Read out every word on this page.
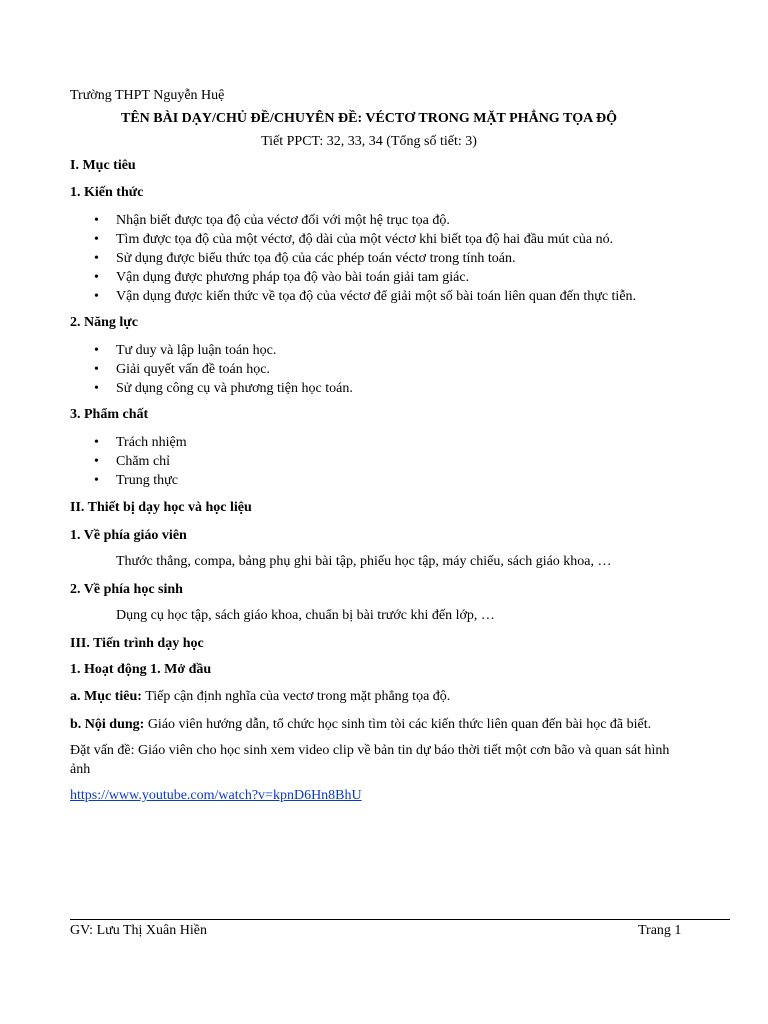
Trường THPT Nguyễn Huệ
TÊN BÀI DẠY/CHỦ ĐỀ/CHUYÊN ĐỀ: VÉCTƠ TRONG MẶT PHẲNG TỌA ĐỘ
Tiết PPCT: 32, 33, 34 (Tổng số tiết: 3)
I. Mục tiêu
1. Kiến thức
• Nhận biết được tọa độ của véctơ đối với một hệ trục tọa độ.
• Tìm được tọa độ của một véctơ, độ dài của một véctơ khi biết tọa độ hai đầu mút của nó.
• Sử dụng được biểu thức tọa độ của các phép toán véctơ trong tính toán.
• Vận dụng được phương pháp tọa độ vào bài toán giải tam giác.
• Vận dụng được kiến thức về tọa độ của véctơ để giải một số bài toán liên quan đến thực tiễn.
2. Năng lực
• Tư duy và lập luận toán học.
• Giải quyết vấn đề toán học.
• Sử dụng công cụ và phương tiện học toán.
3. Phẩm chất
• Trách nhiệm
• Chăm chỉ
• Trung thực
II. Thiết bị dạy học và học liệu
1. Về phía giáo viên
Thước thẳng, compa, bảng phụ ghi bài tập, phiếu học tập, máy chiếu, sách giáo khoa, …
2. Về phía học sinh
Dụng cụ học tập, sách giáo khoa, chuẩn bị bài trước khi đến lớp, …
III. Tiến trình dạy học
1. Hoạt động 1. Mở đầu
a. Mục tiêu: Tiếp cận định nghĩa của vectơ trong mặt phẳng tọa độ.
b. Nội dung: Giáo viên hướng dẫn, tổ chức học sinh tìm tòi các kiến thức liên quan đến bài học đã biết.
Đặt vấn đề: Giáo viên cho học sinh xem video clip về bản tin dự báo thời tiết một cơn bão và quan sát hình
ảnh
https://www.youtube.com/watch?v=kpnD6Hn8BhU
GV: Lưu Thị Xuân Hiền	Trang 1
